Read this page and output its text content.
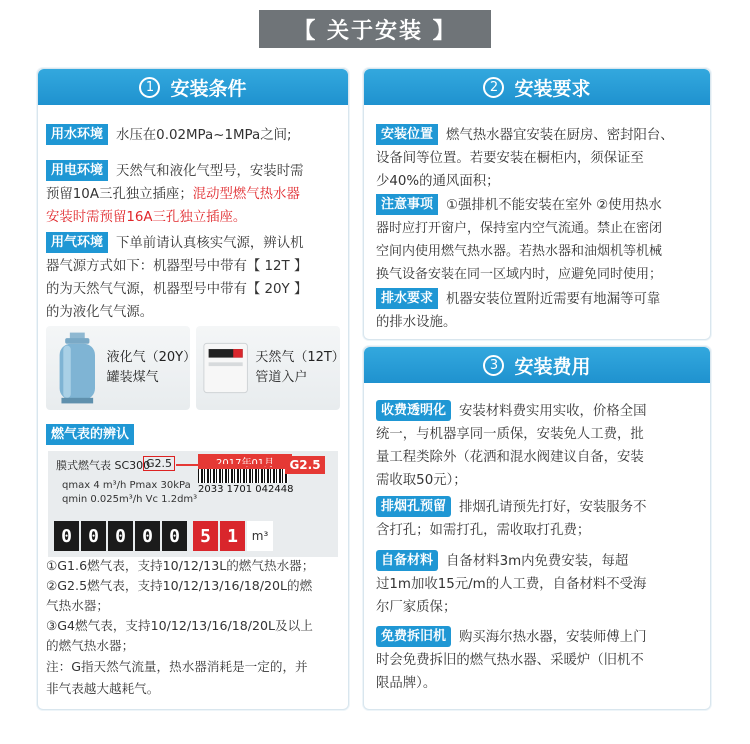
【 关于安装 】
1 安装条件
用水环境 水压在0.02MPa~1MPa之间;
用电环境 天然气和液化气型号，安装时需
预留10A三孔独立插座；混动型燃气热水器
安装时需预留16A三孔独立插座。
用气环境 下单前请认真核实气源，辨认机
器气源方式如下：机器型号中带有【 12T 】
的为天然气气源，机器型号中带有【 20Y 】
的为液化气气源。
液化气（20Y）
罐装煤气
天然气（12T）
管道入户
燃气表的辨认
膜式燃气表 SC300
G2.5
qmax 4 m³/h Pmax 30kPa
qmin 0.025m³/h Vc 1.2dm³
2033 1701 042448
0 0 0 0 0	5 1	m³
G2.5
①G1.6燃气表，支持10/12/13L的燃气热水器；
②G2.5燃气表，支持10/12/13/16/18/20L的燃
气热水器；
③G4燃气表，支持10/12/13/16/18/20L及以上
的燃气热水器；
注：G指天然气流量，热水器消耗是一定的，并
非气表越大越耗气。
2 安装要求
安装位置 燃气热水器宜安装在厨房、密封阳台、
设备间等位置。若要安装在橱柜内，须保证至
少40%的通风面积；
注意事项 ①强排机不能安装在室外 ②使用热水
器时应打开窗户，保持室内空气流通。禁止在密闭
空间内使用燃气热水器。若热水器和油烟机等机械
换气设备安装在同一区域内时，应避免同时使用；
排水要求 机器安装位置附近需要有地漏等可靠
的排水设施。
3 安装费用
收费透明化 安装材料费实用实收，价格全国
统一，与机器享同一质保，安装免人工费，批
量工程类除外（花洒和混水阀建议自备，安装
需收取50元）；
排烟孔预留 排烟孔请预先打好，安装服务不
含打孔；如需打孔，需收取打孔费；
自备材料 自备材料3m内免费安装，每超
过1m加收15元/m的人工费，自备材料不受海
尔厂家质保；
免费拆旧机 购买海尔热水器，安装师傅上门
时会免费拆旧的燃气热水器、采暖炉（旧机不
限品牌）。
